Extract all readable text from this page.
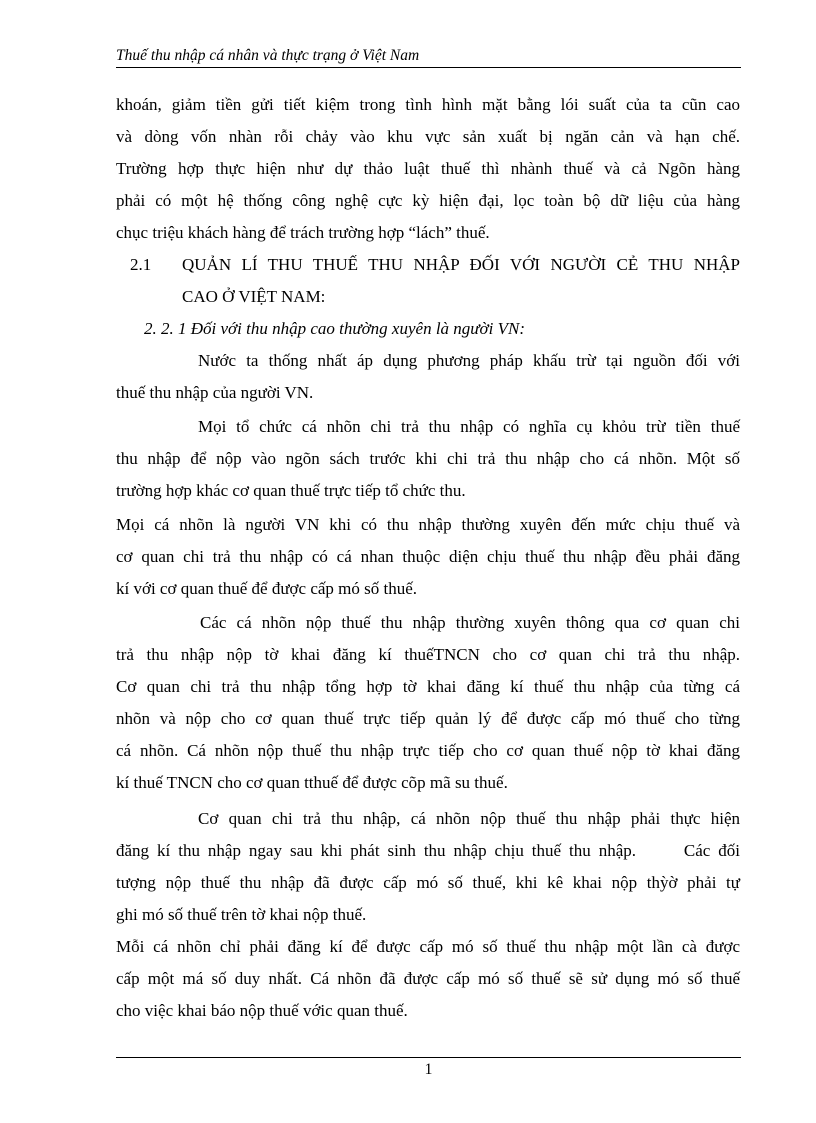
Thuế thu nhập cá nhân và thực trạng ở Việt Nam
khoán, giảm tiền gửi tiết kiệm trong tình hình mặt bằng lói suất của ta cũn cao
và dòng vốn nhàn rỗi chảy vào khu vực sản xuất bị ngăn cản và hạn chế.
Trường hợp thực hiện như dự thảo luật thuế thì nhành thuế và cả Ngõn hàng
phải có một hệ thống công nghệ cực kỳ hiện đại, lọc toàn bộ dữ liệu của hàng
chục triệu khách hàng để trách trường hợp “lách” thuế.
2.1 QUẢN LÍ THU THUẾ THU NHẬP ĐỐI VỚI NGƯỜI CẺ THU NHẬP
CAO Ở VIỆT NAM:
2. 2. 1 Đối với thu nhập cao thường xuyên là người VN:
Nước ta thống nhất áp dụng phương pháp khấu trừ tại nguồn đối với
thuế thu nhập của người VN.
Mọi tổ chức cá nhõn chi trả thu nhập có nghĩa cụ khỏu trừ tiền thuế
thu nhập để nộp vào ngõn sách trước khi chi trả thu nhập cho cá nhõn. Một số
trường hợp khác cơ quan thuế trực tiếp tổ chức thu.
Mọi cá nhõn là người VN khi có thu nhập thường xuyên đến mức chịu thuế và
cơ quan chi trả thu nhập có cá nhan thuộc diện chịu thuế thu nhập đều phải đăng
kí với cơ quan thuế để được cấp mó số thuế.
Các cá nhõn nộp thuế thu nhập thường xuyên thông qua cơ quan chi
trả thu nhập nộp tờ khai đăng kí thuếTNCN cho cơ quan chi trả thu nhập.
Cơ quan chi trả thu nhập tổng hợp tờ khai đăng kí thuế thu nhập của từng cá
nhõn và nộp cho cơ quan thuế trực tiếp quản lý để được cấp mó thuế cho từng
cá nhõn. Cá nhõn nộp thuế thu nhập trực tiếp cho cơ quan thuế nộp tờ khai đăng
kí thuế TNCN cho cơ quan tthuế để được cõp mã su thuế.
Cơ quan chi trả thu nhập, cá nhõn nộp thuế thu nhập phải thực hiện
đăng kí thu nhập ngay sau khi phát sinh thu nhập chịu thuế thu nhập.      Các đối
tượng nộp thuế thu nhập đã được cấp mó số thuế, khi kê khai nộp thỳờ phải tự
ghi mó số thuế trên tờ khai nộp thuế.
Mỗi cá nhõn chỉ phải đăng kí để được cấp mó số thuế thu nhập một lần cà được
cấp một má số duy nhất. Cá nhõn đã được cấp mó số thuế sẽ sử dụng mó số thuế
cho việc khai báo nộp thuế vớic quan thuế.
1
